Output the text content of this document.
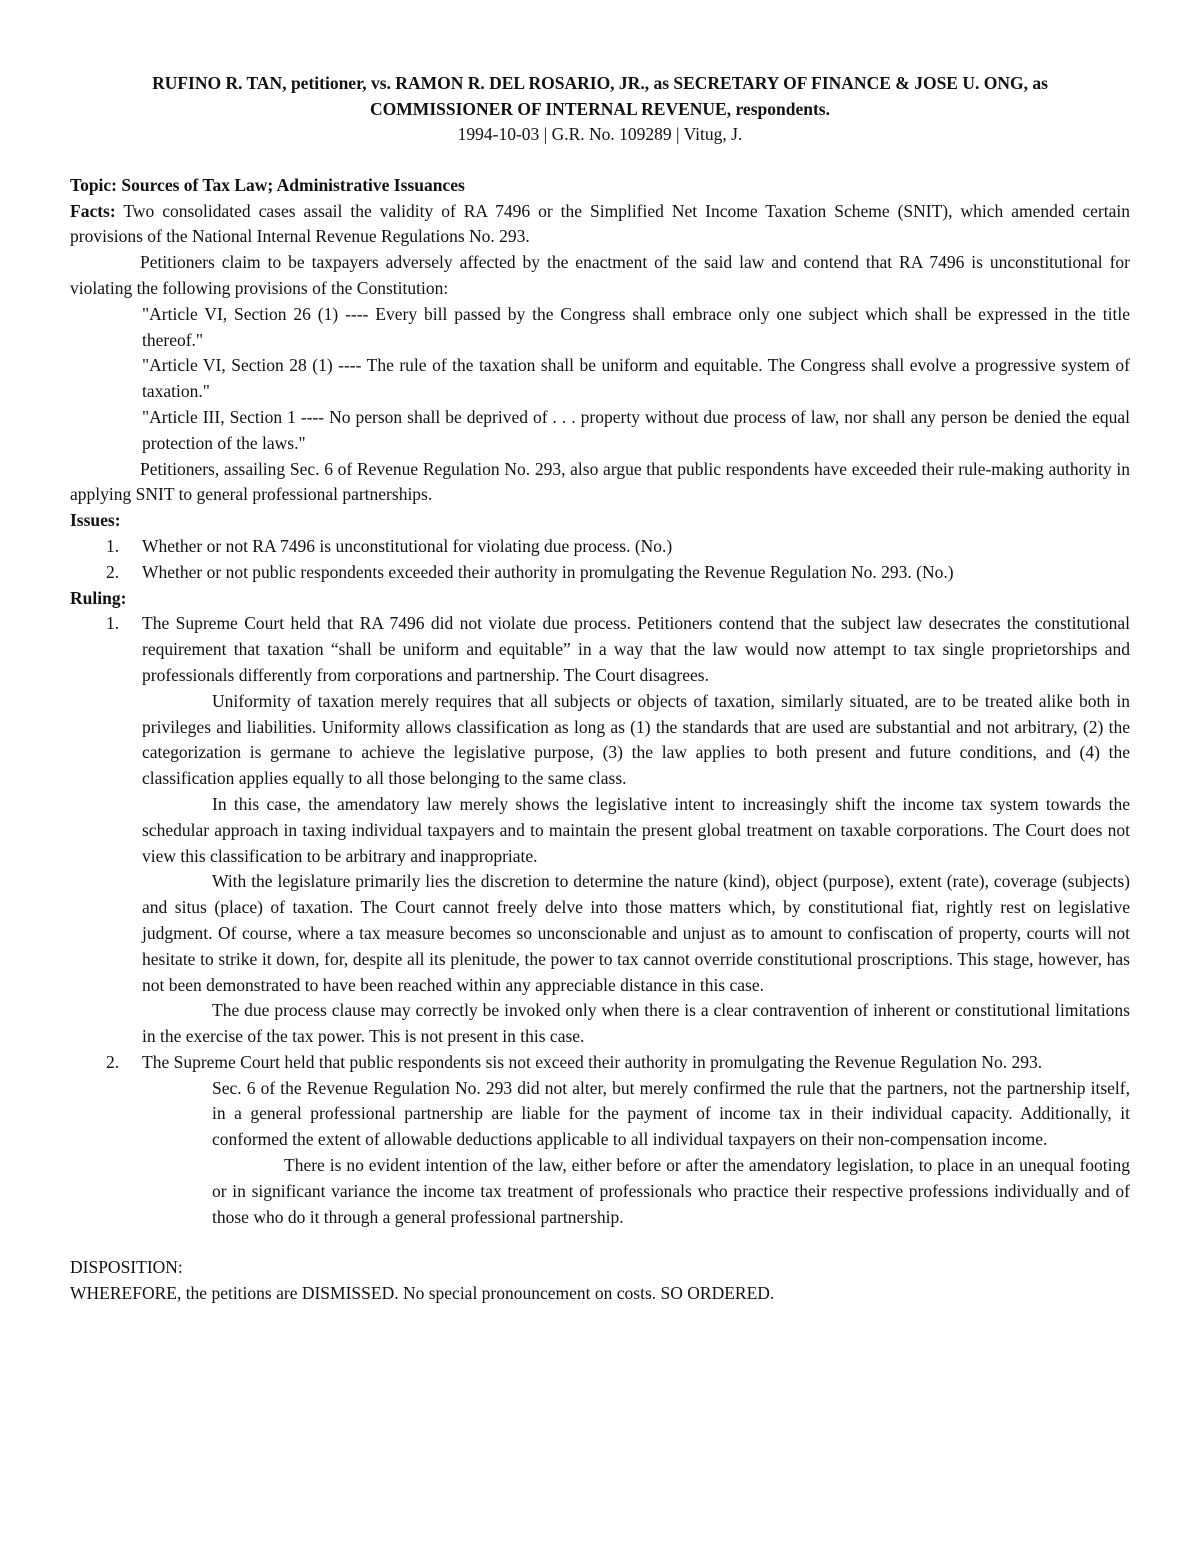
RUFINO R. TAN, petitioner, vs. RAMON R. DEL ROSARIO, JR., as SECRETARY OF FINANCE & JOSE U. ONG, as
COMMISSIONER OF INTERNAL REVENUE, respondents.
1994-10-03 | G.R. No. 109289 | Vitug, J.

Topic: Sources of Tax Law; Administrative Issuances

Facts: Two consolidated cases assail the validity of RA 7496 or the Simplified Net Income Taxation Scheme (SNIT), which amended certain provisions of the National Internal Revenue Regulations No. 293.

Petitioners claim to be taxpayers adversely affected by the enactment of the said law and contend that RA 7496 is unconstitutional for violating the following provisions of the Constitution:

"Article VI, Section 26 (1) ---- Every bill passed by the Congress shall embrace only one subject which shall be expressed in the title thereof."

"Article VI, Section 28 (1) ---- The rule of the taxation shall be uniform and equitable. The Congress shall evolve a progressive system of taxation."

"Article III, Section 1 ---- No person shall be deprived of . . . property without due process of law, nor shall any person be denied the equal protection of the laws."

Petitioners, assailing Sec. 6 of Revenue Regulation No. 293, also argue that public respondents have exceeded their rule-making authority in applying SNIT to general professional partnerships.

Issues:

1. Whether or not RA 7496 is unconstitutional for violating due process. (No.)
2. Whether or not public respondents exceeded their authority in promulgating the Revenue Regulation No. 293. (No.)

Ruling:

1. The Supreme Court held that RA 7496 did not violate due process. Petitioners contend that the subject law desecrates the constitutional requirement that taxation “shall be uniform and equitable” in a way that the law would now attempt to tax single proprietorships and professionals differently from corporations and partnership. The Court disagrees.

Uniformity of taxation merely requires that all subjects or objects of taxation, similarly situated, are to be treated alike both in privileges and liabilities. Uniformity allows classification as long as (1) the standards that are used are substantial and not arbitrary, (2) the categorization is germane to achieve the legislative purpose, (3) the law applies to both present and future conditions, and (4) the classification applies equally to all those belonging to the same class.

In this case, the amendatory law merely shows the legislative intent to increasingly shift the income tax system towards the schedular approach in taxing individual taxpayers and to maintain the present global treatment on taxable corporations. The Court does not view this classification to be arbitrary and inappropriate.

With the legislature primarily lies the discretion to determine the nature (kind), object (purpose), extent (rate), coverage (subjects) and situs (place) of taxation. The Court cannot freely delve into those matters which, by constitutional fiat, rightly rest on legislative judgment. Of course, where a tax measure becomes so unconscionable and unjust as to amount to confiscation of property, courts will not hesitate to strike it down, for, despite all its plenitude, the power to tax cannot override constitutional proscriptions. This stage, however, has not been demonstrated to have been reached within any appreciable distance in this case.

The due process clause may correctly be invoked only when there is a clear contravention of inherent or constitutional limitations in the exercise of the tax power. This is not present in this case.

2. The Supreme Court held that public respondents sis not exceed their authority in promulgating the Revenue Regulation No. 293.

Sec. 6 of the Revenue Regulation No. 293 did not alter, but merely confirmed the rule that the partners, not the partnership itself, in a general professional partnership are liable for the payment of income tax in their individual capacity. Additionally, it conformed the extent of allowable deductions applicable to all individual taxpayers on their non-compensation income.

There is no evident intention of the law, either before or after the amendatory legislation, to place in an unequal footing or in significant variance the income tax treatment of professionals who practice their respective professions individually and of those who do it through a general professional partnership.

DISPOSITION:

WHEREFORE, the petitions are DISMISSED. No special pronouncement on costs. SO ORDERED.
